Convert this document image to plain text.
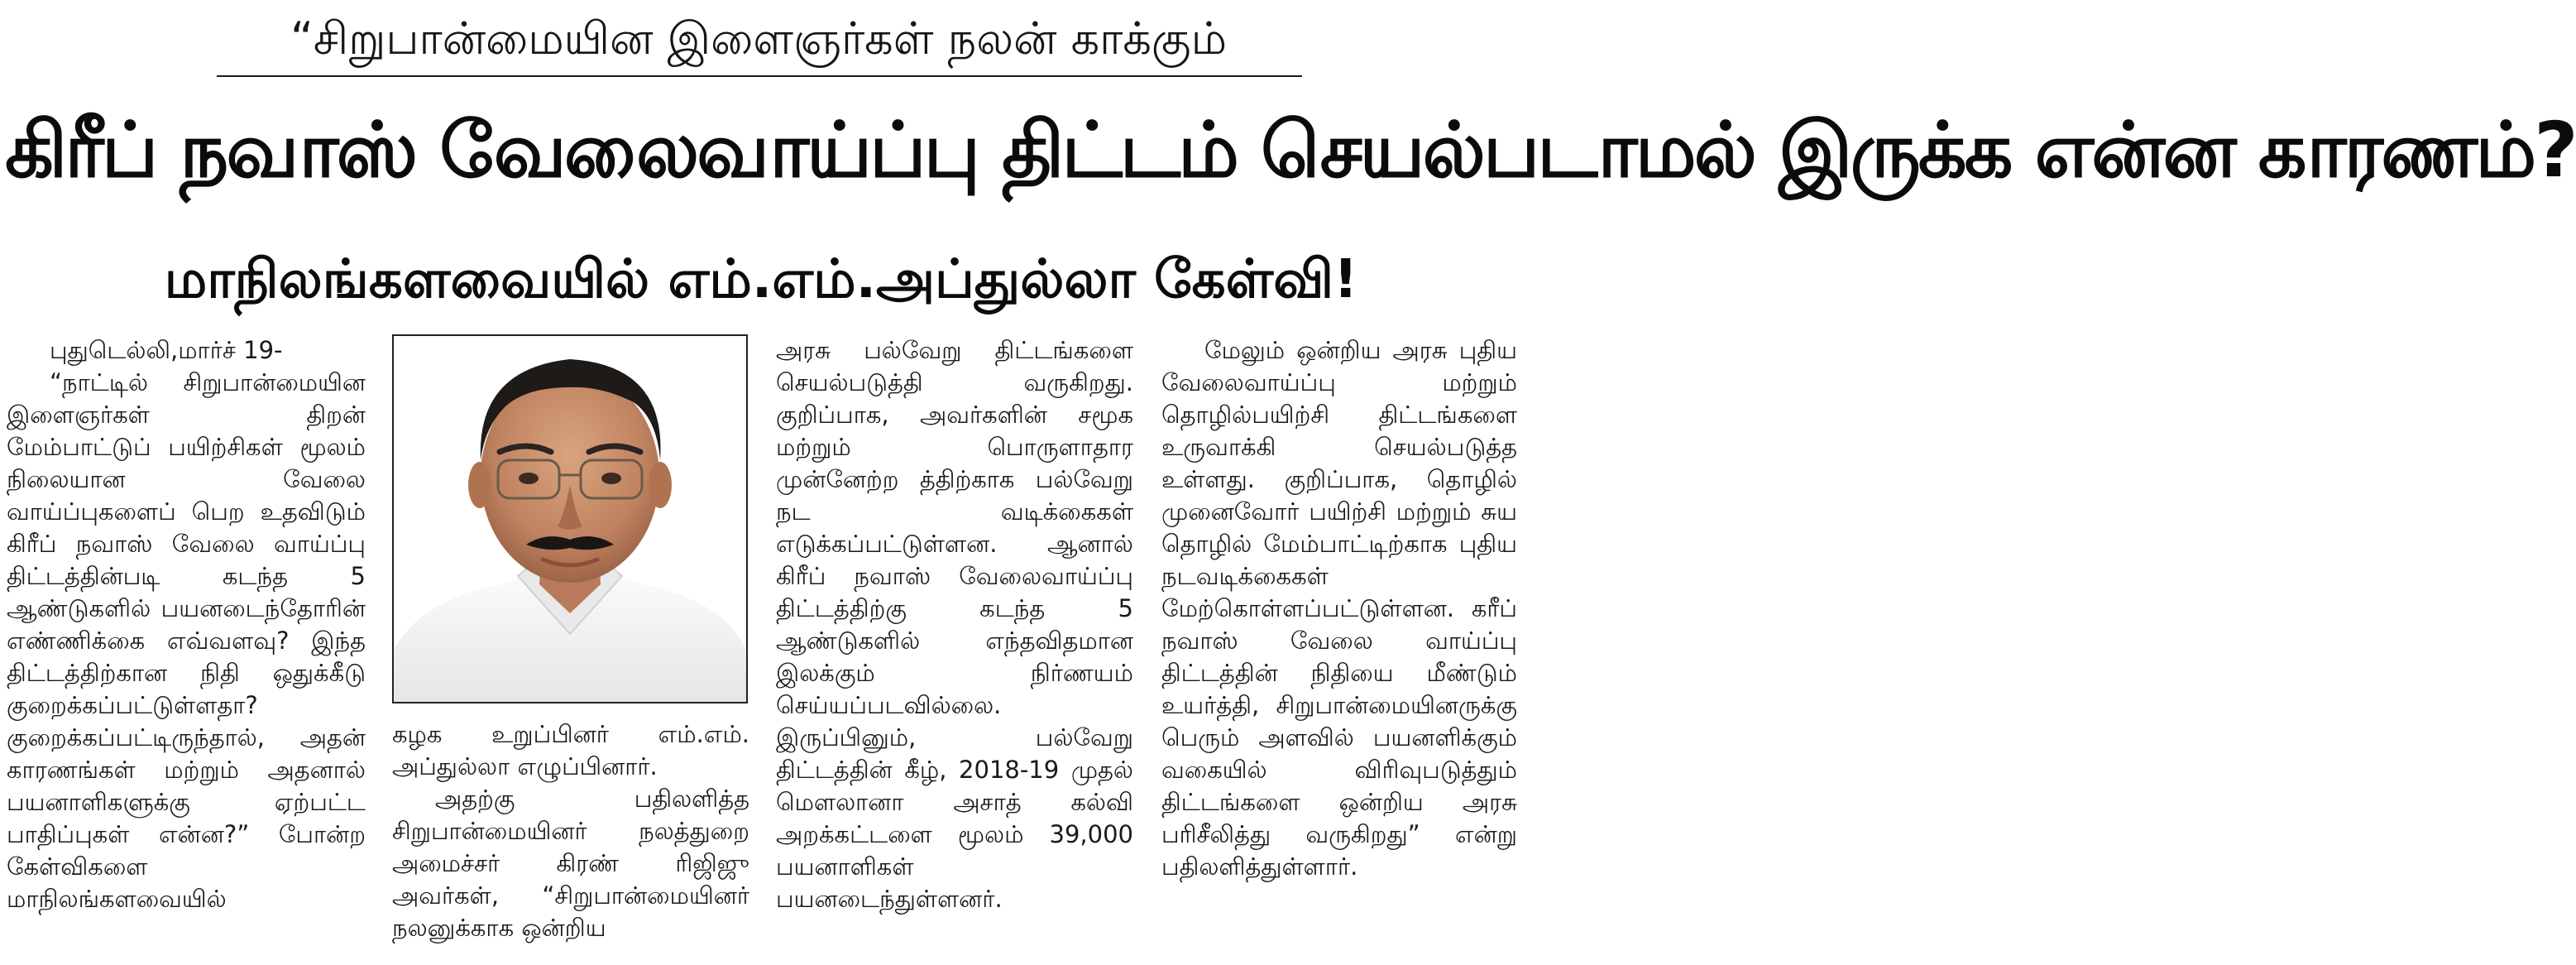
“சிறுபான்மையின இளைஞர்கள் நலன் காக்கும்
கிரீப் நவாஸ் வேலைவாய்ப்பு திட்டம் செயல்படாமல் இருக்க என்ன காரணம்?
மாநிலங்களவையில் எம்.எம்.அப்துல்லா கேள்வி!

புதுடெல்லி,மார்ச் 19-

“நாட்டில் சிறுபான்மையின இளைஞர்கள் திறன் மேம்பாட்டுப் பயிற்சிகள் மூலம் நிலையான வேலை வாய்ப்புகளைப் பெற உதவிடும் கிரீப் நவாஸ் வேலை வாய்ப்பு திட்டத்தின்படி கடந்த 5 ஆண்டுகளில் பயனடைந்தோரின் எண்ணிக்கை எவ்வளவு? இந்த திட்டத்திற்கான நிதி ஒதுக்கீடு குறைக்கப்பட்டுள்ளதா? குறைக்கப்பட்டிருந்தால், அதன் காரணங்கள் மற்றும் அதனால் பயனாளிகளுக்கு ஏற்பட்ட பாதிப்புகள் என்ன?” போன்ற கேள்விகளை மாநிலங்களவையில்

கழக உறுப்பினர் எம்.எம். அப்துல்லா எழுப்பினார்.

அதற்கு பதிலளித்த சிறுபான்மையினர் நலத்துறை அமைச்சர் கிரண் ரிஜிஜு அவர்கள், “சிறுபான்மையினர் நலனுக்காக ஒன்றிய

அரசு பல்வேறு திட்டங்களை செயல்படுத்தி வருகிறது. குறிப்பாக, அவர்களின் சமூக மற்றும் பொருளாதார முன்னேற்ற த்திற்காக பல்வேறு நட வடிக்கைகள் எடுக்கப்பட்டுள்ளன. ஆனால் கிரீப் நவாஸ் வேலைவாய்ப்பு திட்டத்திற்கு கடந்த 5 ஆண்டுகளில் எந்தவிதமான இலக்கும் நிர்ணயம் செய்யப்படவில்லை. இருப்பினும், பல்வேறு திட்டத்தின் கீழ், 2018-19 முதல் மௌலானா அசாத் கல்வி அறக்கட்டளை மூலம் 39,000 பயனாளிகள் பயனடைந்துள்ளனர்.

மேலும் ஒன்றிய அரசு புதிய வேலைவாய்ப்பு மற்றும் தொழில்பயிற்சி திட்டங்களை உருவாக்கி செயல்படுத்த உள்ளது. குறிப்பாக, தொழில் முனைவோர் பயிற்சி மற்றும் சுய தொழில் மேம்பாட்டிற்காக புதிய நடவடிக்கைகள் மேற்கொள்ளப்பட்டுள்ளன. கரீப் நவாஸ் வேலை வாய்ப்பு திட்டத்தின் நிதியை மீண்டும் உயர்த்தி, சிறுபான்மையினருக்கு பெரும் அளவில் பயனளிக்கும் வகையில் விரிவுபடுத்தும் திட்டங்களை ஒன்றிய அரசு பரிசீலித்து வருகிறது” என்று பதிலளித்துள்ளார்.
